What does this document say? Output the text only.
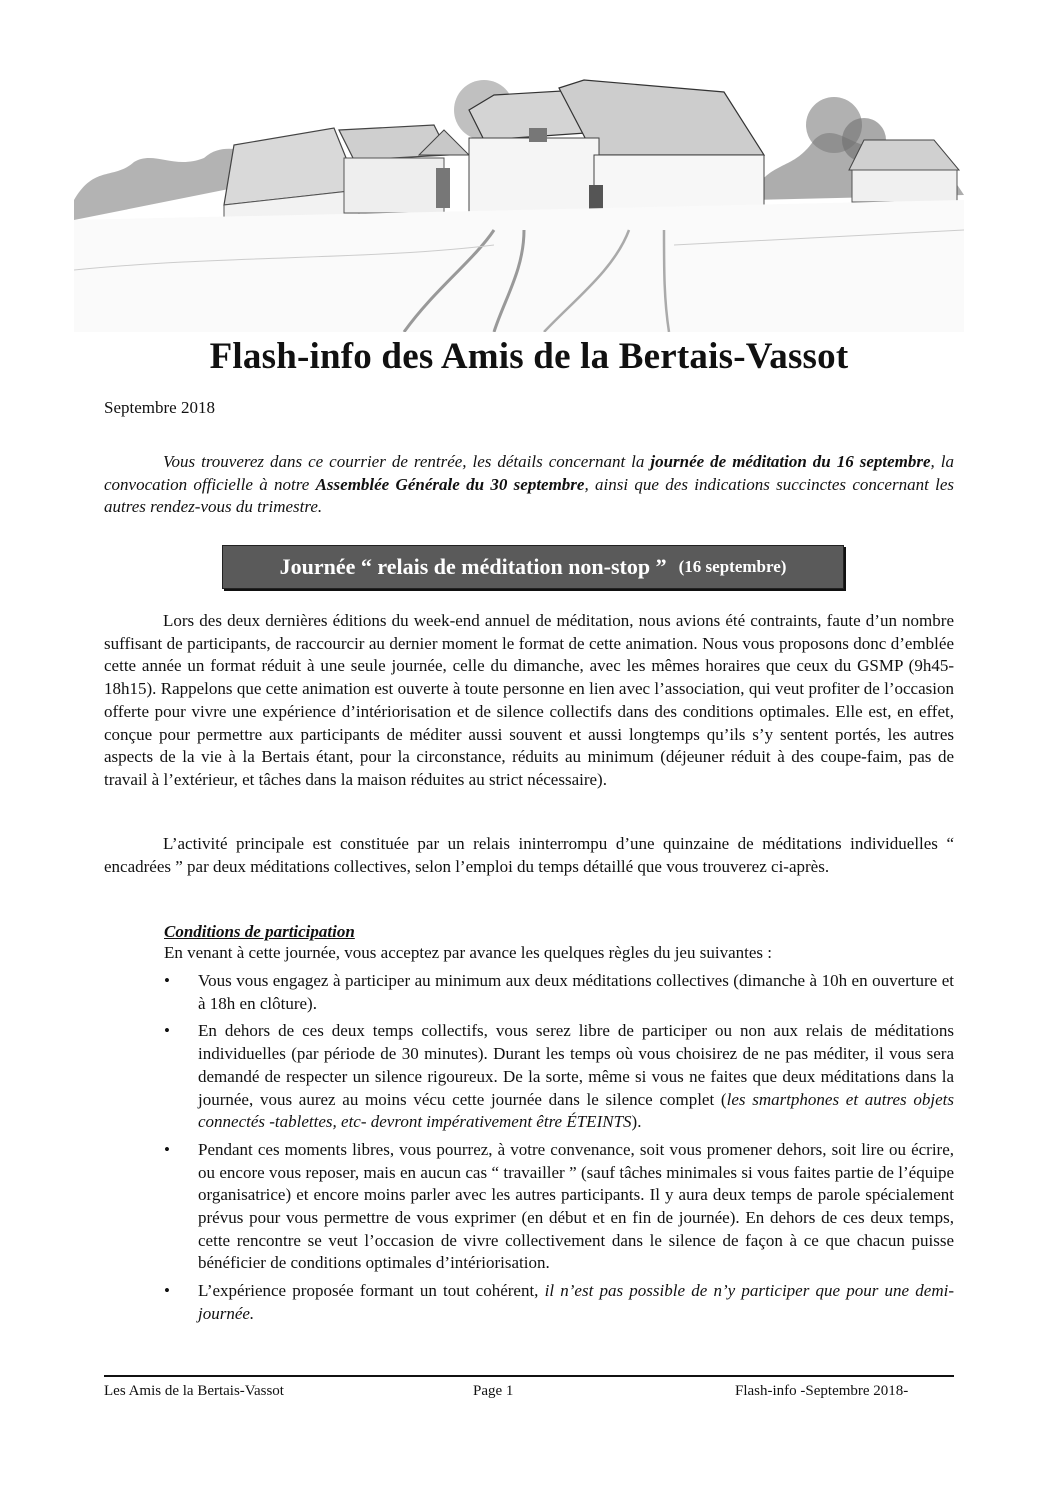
Flash-info des Amis de la Bertais-Vassot
Septembre 2018

Vous trouverez dans ce courrier de rentrée, les détails concernant la journée de méditation du 16 septembre, la convocation officielle à notre Assemblée Générale du 30 septembre, ainsi que des indications succinctes concernant les autres rendez-vous du trimestre.

Journée “ relais de méditation non-stop ” (16 septembre)

Lors des deux dernières éditions du week-end annuel de méditation, nous avions été contraints, faute d’un nombre suffisant de participants, de raccourcir au dernier moment le format de cette animation. Nous vous proposons donc d’emblée cette année un format réduit à une seule journée, celle du dimanche, avec les mêmes horaires que ceux du GSMP (9h45-18h15). Rappelons que cette animation est ouverte à toute personne en lien avec l’association, qui veut profiter de l’occasion offerte pour vivre une expérience d’intériorisation et de silence collectifs dans des conditions optimales. Elle est, en effet, conçue pour permettre aux participants de méditer aussi souvent et aussi longtemps qu’ils s’y sentent portés, les autres aspects de la vie à la Bertais étant, pour la circonstance, réduits au minimum (déjeuner réduit à des coupe-faim, pas de travail à l’extérieur, et tâches dans la maison réduites au strict nécessaire).

L’activité principale est constituée par un relais ininterrompu d’une quinzaine de méditations individuelles “ encadrées ” par deux méditations collectives, selon l’emploi du temps détaillé que vous trouverez ci-après.

Conditions de participation
En venant à cette journée, vous acceptez par avance les quelques règles du jeu suivantes :
• Vous vous engagez à participer au minimum aux deux méditations collectives (dimanche à 10h en ouverture et à 18h en clôture).
• En dehors de ces deux temps collectifs, vous serez libre de participer ou non aux relais de méditations individuelles (par période de 30 minutes). Durant les temps où vous choisirez de ne pas méditer, il vous sera demandé de respecter un silence rigoureux. De la sorte, même si vous ne faites que deux méditations dans la journée, vous aurez au moins vécu cette journée dans le silence complet (les smartphones et autres objets connectés -tablettes, etc- devront impérativement être ÉTEINTS).
• Pendant ces moments libres, vous pourrez, à votre convenance, soit vous promener dehors, soit lire ou écrire, ou encore vous reposer, mais en aucun cas “ travailler ” (sauf tâches minimales si vous faites partie de l’équipe organisatrice) et encore moins parler avec les autres participants. Il y aura deux temps de parole spécialement prévus pour vous permettre de vous exprimer (en début et en fin de journée). En dehors de ces deux temps, cette rencontre se veut l’occasion de vivre collectivement dans le silence de façon à ce que chacun puisse bénéficier de conditions optimales d’intériorisation.
• L’expérience proposée formant un tout cohérent, il n’est pas possible de n’y participer que pour une demi-journée.
Les Amis de la Bertais-Vassot	Page 1	Flash-info -Septembre 2018-
